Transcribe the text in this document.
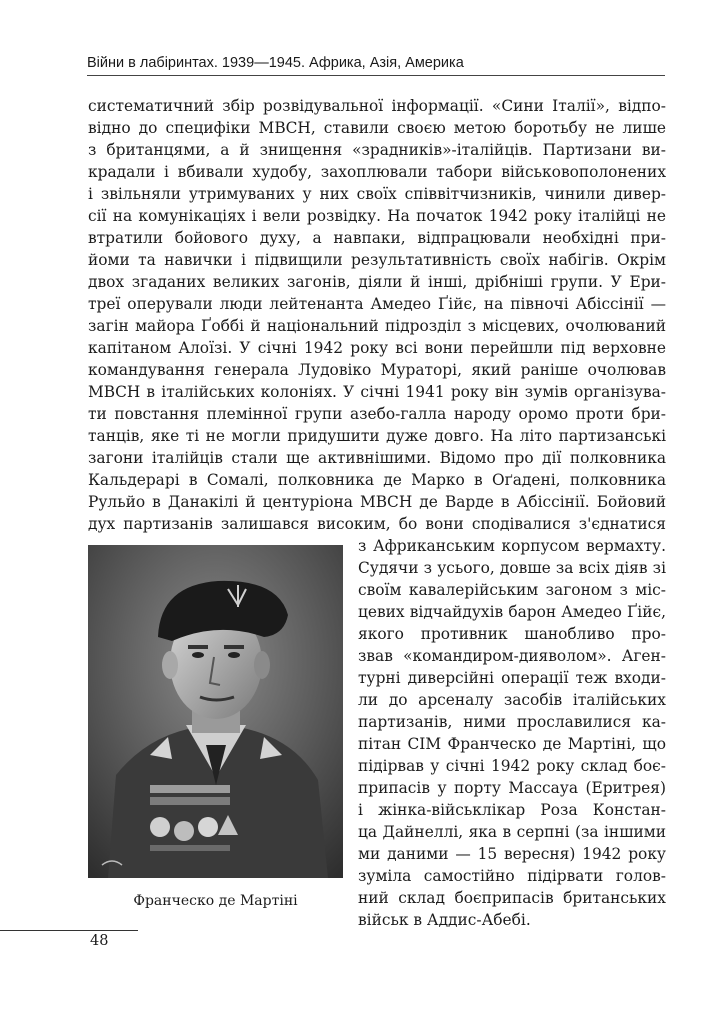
Війни в лабіринтах. 1939—1945. Африка, Азія, Америка
систематичний збір розвідувальної інформації. «Сини Італії», відпо-
відно до специфіки МВСН, ставили своєю метою боротьбу не лише
з британцями, а й знищення «зрадників»-італійців. Партизани ви-
крадали і вбивали худобу, захоплювали табори військовополонених
і звільняли утримуваних у них своїх співвітчизників, чинили дивер-
сії на комунікаціях і вели розвідку. На початок 1942 року італійці не
втратили бойового духу, а навпаки, відпрацювали необхідні при-
йоми та навички і підвищили результативність своїх набігів. Окрім
двох згаданих великих загонів, діяли й інші, дрібніші групи. У Ери-
треї оперували люди лейтенанта Амедео Ґійє, на півночі Абіссінії —
загін майора Ґоббі й національний підрозділ з місцевих, очолюваний
капітаном Алоїзі. У січні 1942 року всі вони перейшли під верховне
командування генерала Лудовіко Мураторі, який раніше очолював
МВСН в італійських колоніях. У січні 1941 року він зумів організува-
ти повстання племінної групи азебо-галла народу оромо проти бри-
танців, яке ті не могли придушити дуже довго. На літо партизанські
загони італійців стали ще активнішими. Відомо про дії полковника
Кальдерарі в Сомалі, полковника де Марко в Оґадені, полковника
Рульйо в Данакілі й центуріона МВСН де Варде в Абіссінії. Бойовий
дух партизанів залишався високим, бо вони сподівалися з'єднатися
з Африканським корпусом вермахту.
Судячи з усього, довше за всіх діяв зі
своїм кавалерійським загоном з міс-
цевих відчайдухів барон Амедео Ґійє,
якого противник шанобливо про-
звав «командиром-дияволом». Аген-
турні диверсійні операції теж входи-
ли до арсеналу засобів італійських
партизанів, ними прославилися ка-
пітан СІМ Франческо де Мартіні, що
підірвав у січні 1942 року склад боє-
припасів у порту Массауа (Еритрея)
і жінка-військлікар Роза Констан-
ца Дайнеллі, яка в серпні (за іншими
ми даними — 15 вересня) 1942 року
зуміла самостійно підірвати голов-
ний склад боєприпасів британських
військ в Аддис-Абебі.
Франческо де Мартіні
48
